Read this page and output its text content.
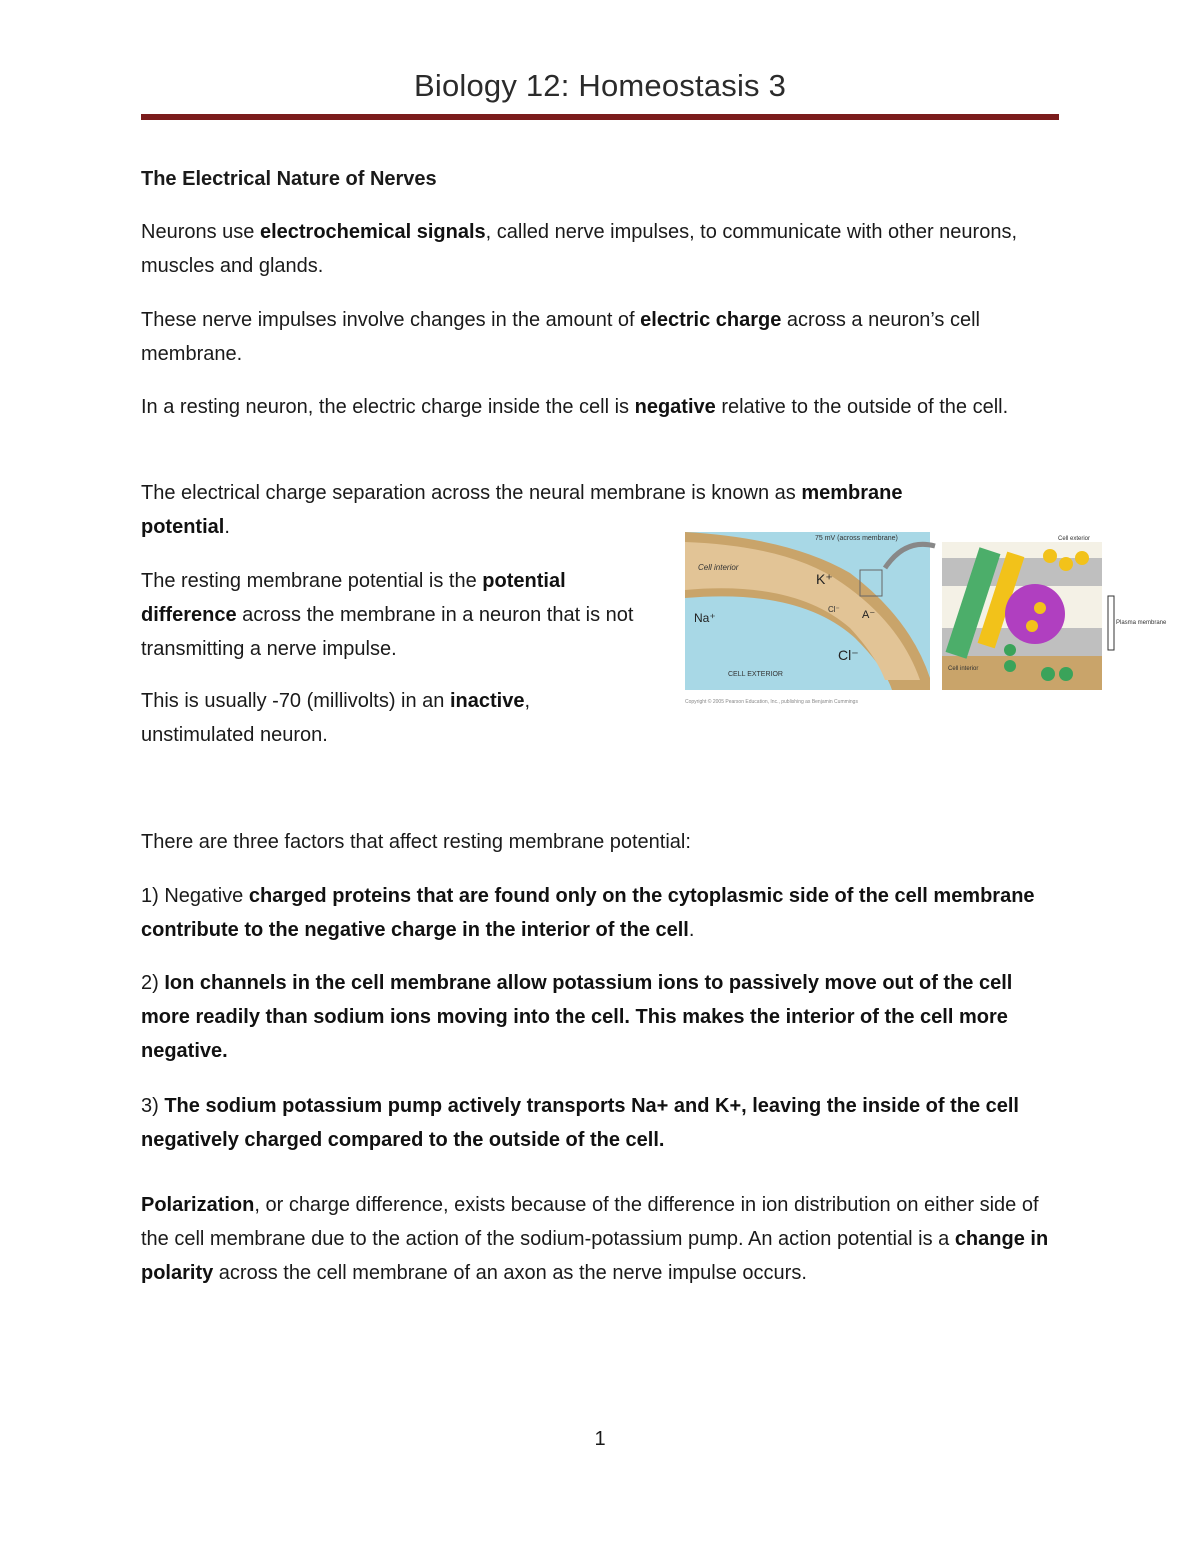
Biology 12: Homeostasis 3
The Electrical Nature of Nerves
Neurons use electrochemical signals, called nerve impulses, to communicate with other neurons, muscles and glands.
These nerve impulses involve changes in the amount of electric charge across a neuron’s cell membrane.
In a resting neuron, the electric charge inside the cell is negative relative to the outside of the cell.
The electrical charge separation across the neural membrane is known as membrane potential.
The resting membrane potential is the potential difference across the membrane in a neuron that is not transmitting a nerve impulse.
This is usually -70 (millivolts) in an inactive, unstimulated neuron.
Cell interior
K⁺
Cl⁻ A⁻
Na⁺
Cl⁻
CELL EXTERIOR
75 mV (across membrane)
Plasma membrane
Cell exterior
Cell interior
Copyright © 2005 Pearson Education, Inc., publishing as Benjamin Cummings
There are three factors that affect resting membrane potential:
1) Negative charged proteins that are found only on the cytoplasmic side of the cell membrane contribute to the negative charge in the interior of the cell.
2) Ion channels in the cell membrane allow potassium ions to passively move out of the cell more readily than sodium ions moving into the cell. This makes the interior of the cell more negative.
3) The sodium potassium pump actively transports Na+ and K+, leaving the inside of the cell negatively charged compared to the outside of the cell.
Polarization, or charge difference, exists because of the difference in ion distribution on either side of the cell membrane due to the action of the sodium-potassium pump. An action potential is a change in polarity across the cell membrane of an axon as the nerve impulse occurs.
1
